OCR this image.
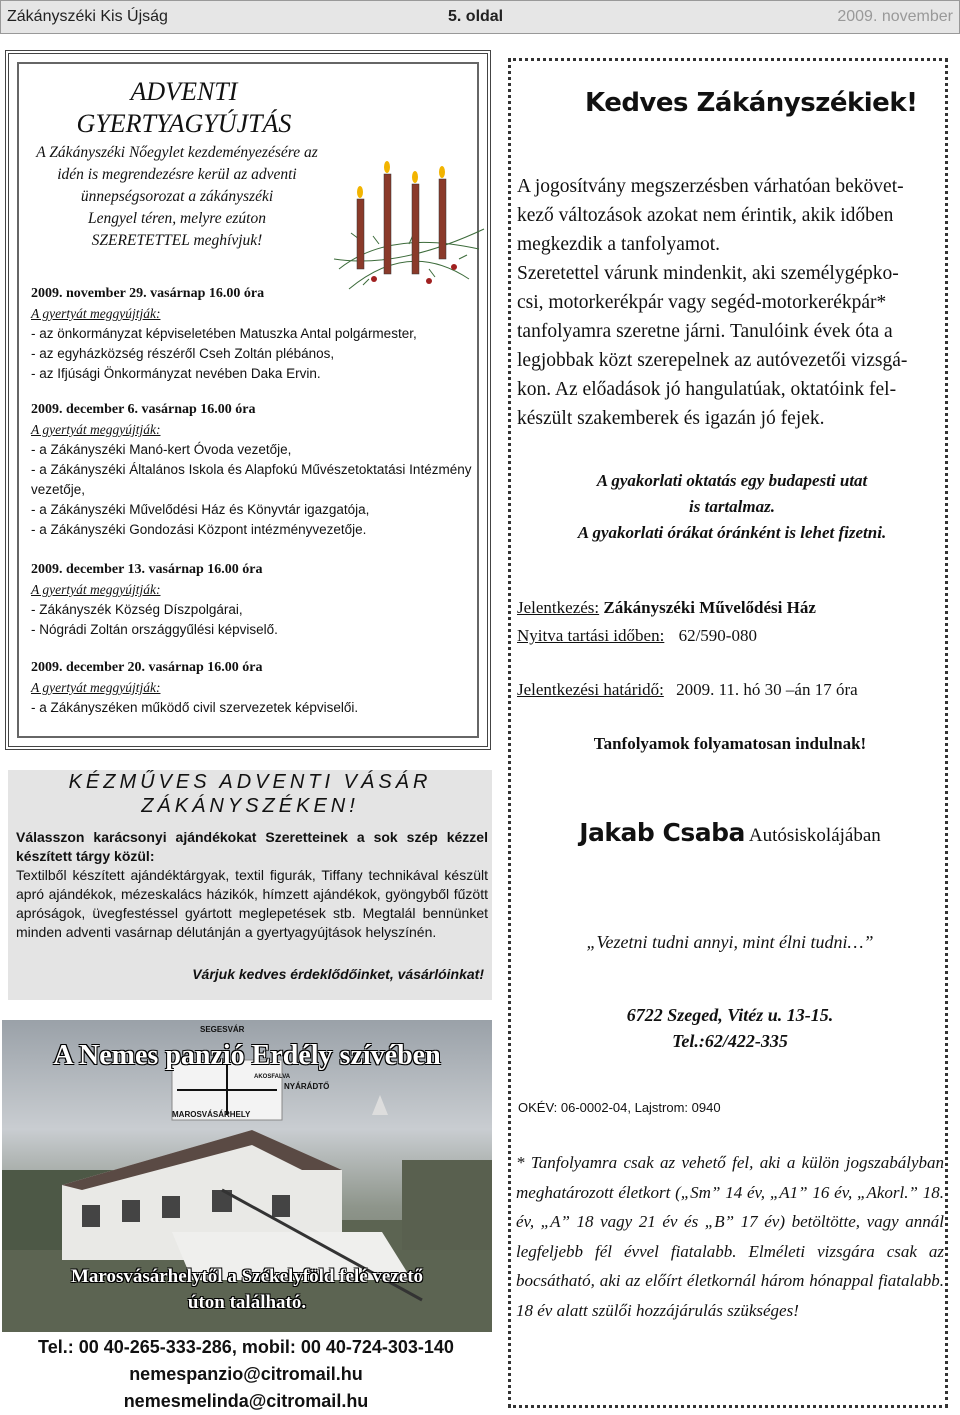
Zákányszéki Kis Újság	5. oldal	2009. november
ADVENTI
GYERTYAGYÚJTÁS
A Zákányszéki Nőegylet kezdeményezésére az
idén is megrendezésre kerül az adventi
ünnepségsorozat a zákányszéki
Lengyel téren, melyre ezúton
SZERETETTEL meghívjuk!
2009. november 29. vasárnap 16.00 óra
A gyertyát meggyújtják:
- az önkormányzat képviseletében Matuszka Antal polgármester,
- az egyházközség részéről Cseh Zoltán plébános,
- az Ifjúsági Önkormányzat nevében Daka Ervin.
2009. december 6. vasárnap 16.00 óra
A gyertyát meggyújtják:
- a Zákányszéki Manó-kert Óvoda vezetője,
- a Zákányszéki Általános Iskola és Alapfokú Művészetoktatási Intézmény
vezetője,
- a Zákányszéki Művelődési Ház és Könyvtár igazgatója,
- a Zákányszéki Gondozási Központ intézményvezetője.
2009. december 13. vasárnap 16.00 óra
A gyertyát meggyújtják:
- Zákányszék Község Díszpolgárai,
- Nógrádi Zoltán országgyűlési képviselő.
2009. december 20. vasárnap 16.00 óra
A gyertyát meggyújtják:
- a Zákányszéken működő civil szervezetek képviselői.
KÉZMŰVES ADVENTI VÁSÁR
ZÁKÁNYSZÉKEN!
Válasszon karácsonyi ajándékokat Szeretteinek a sok szép kézzel készített tárgy közül:
Textilből készített ajándéktárgyak, textil figurák, Tiffany technikával készült apró ajándékok, mézeskalács házikók, hímzett ajándékok, gyöngyből fűzött apróságok, üvegfestéssel gyártott meglepetések stb. Megtalál bennünket minden adventi vasárnap délutánján a gyertyagyújtások helyszínén.
Várjuk kedves érdeklődőinket, vásárlóinkat!
SEGESVÁR
NYÁRÁDTŐ
MAROSVÁSÁRHELY
AKOSFALVA
A Nemes panzió Erdély szívében
Marosvásárhelytől a Székelyföld felé vezető
úton található.
Tel.: 00 40-265-333-286, mobil: 00 40-724-303-140
nemespanzio@citromail.hu
nemesmelinda@citromail.hu
Kedves Zákányszékiek!
A jogosítvány megszerzésben várhatóan bekövet-
kező változások azokat nem érintik, akik időben
megkezdik a tanfolyamot.
Szeretettel várunk mindenkit, aki személygépko-
csi, motorkerékpár vagy segéd-motorkerékpár*
tanfolyamra szeretne járni. Tanulóink évek óta a
legjobbak közt szerepelnek az autóvezetői vizsgá-
kon. Az előadások jó hangulatúak, oktatóink fel-
készült szakemberek és igazán jó fejek.
A gyakorlati oktatás egy budapesti utat
is tartalmaz.
A gyakorlati órákat óránként is lehet fizetni.
Jelentkezés: Zákányszéki Művelődési Ház
Nyitva tartási időben: 62/590-080
Jelentkezési határidő: 2009. 11. hó 30 –án 17 óra
Tanfolyamok folyamatosan indulnak!
Jakab Csaba Autósiskolájában
„Vezetni tudni annyi, mint élni tudni…”
6722 Szeged, Vitéz u. 13-15.
Tel.:62/422-335
OKÉV: 06-0002-04, Lajstrom: 0940
* Tanfolyamra csak az vehető fel, aki a külön jogszabályban meghatározott életkort („Sm” 14 év, „A1” 16 év, „Akorl.” 18. év, „A” 18 vagy 21 év és „B” 17 év) betöltötte, vagy annál legfeljebb fél évvel fiatalabb. Elméleti vizsgára csak az bocsátható, aki az előírt életkornál három hónappal fiatalabb. 18 év alatt szülői hozzájárulás szükséges!
